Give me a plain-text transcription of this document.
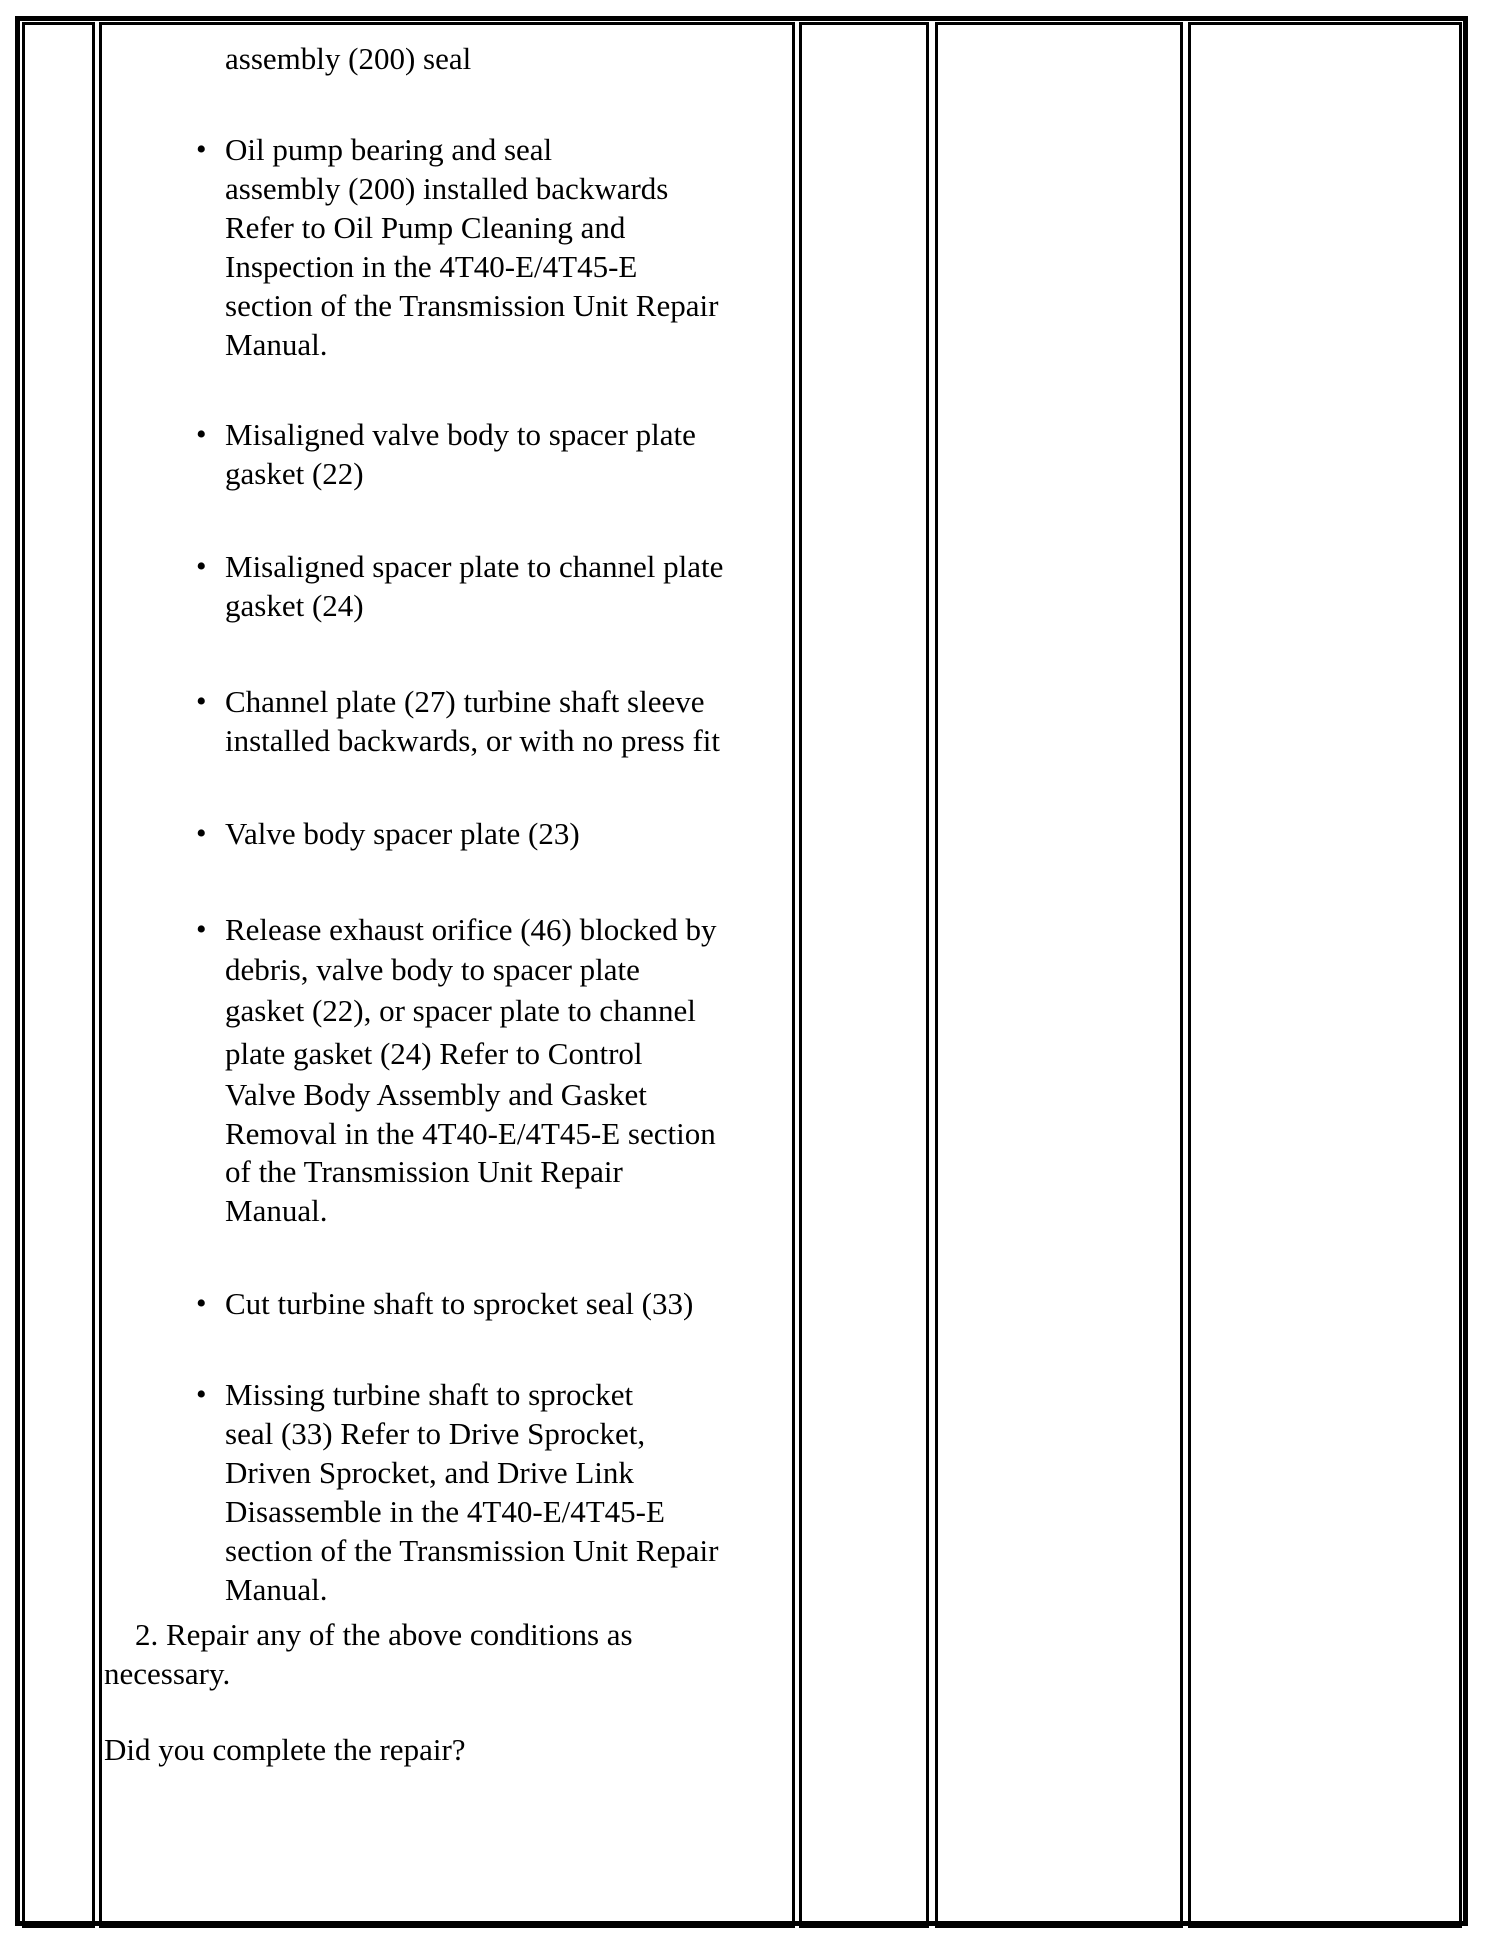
assembly (200) seal
• Oil pump bearing and seal
assembly (200) installed backwards
Refer to Oil Pump Cleaning and
Inspection in the 4T40-E/4T45-E
section of the Transmission Unit Repair
Manual.
• Misaligned valve body to spacer plate
gasket (22)
• Misaligned spacer plate to channel plate
gasket (24)
• Channel plate (27) turbine shaft sleeve
installed backwards, or with no press fit
• Valve body spacer plate (23)
• Release exhaust orifice (46) blocked by
debris, valve body to spacer plate
gasket (22), or spacer plate to channel
plate gasket (24) Refer to Control
Valve Body Assembly and Gasket
Removal in the 4T40-E/4T45-E section
of the Transmission Unit Repair
Manual.
• Cut turbine shaft to sprocket seal (33)
• Missing turbine shaft to sprocket
seal (33) Refer to Drive Sprocket,
Driven Sprocket, and Drive Link
Disassemble in the 4T40-E/4T45-E
section of the Transmission Unit Repair
Manual.
2. Repair any of the above conditions as
necessary.
Did you complete the repair?
